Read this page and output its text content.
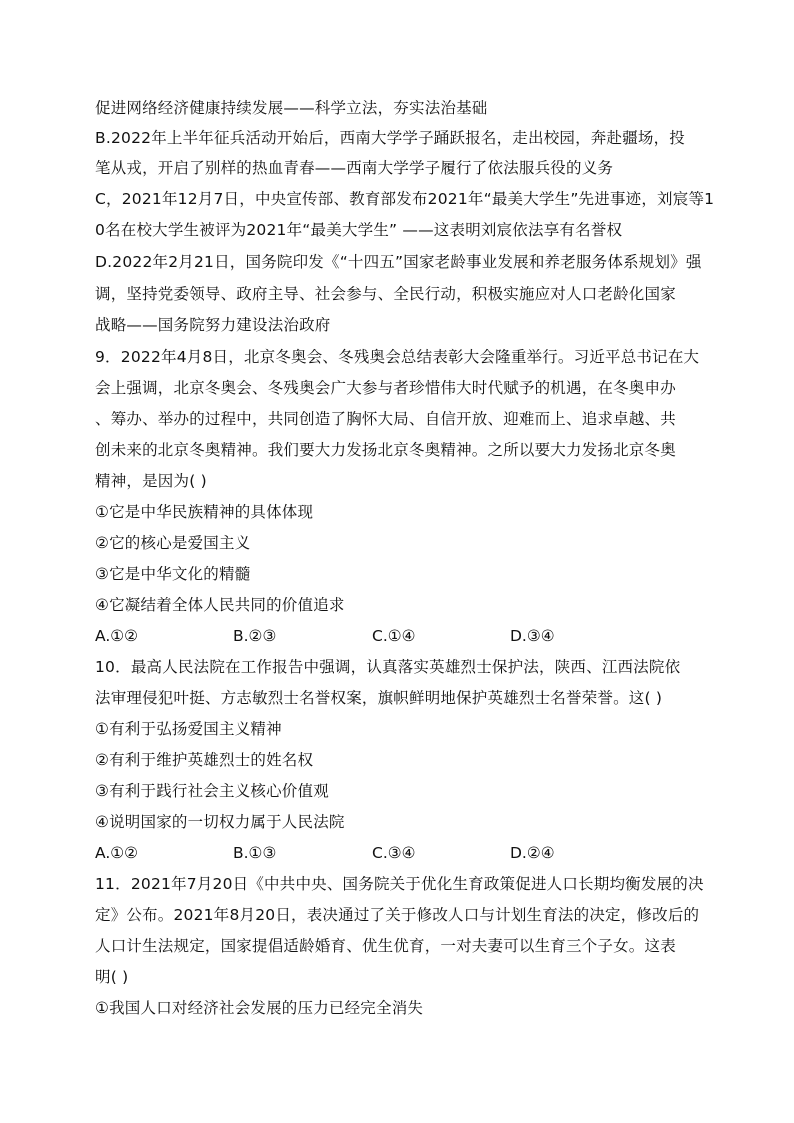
促进网络经济健康持续发展——科学立法，夯实法治基础
B.2022年上半年征兵活动开始后，西南大学学子踊跃报名，走出校园，奔赴疆场，投
笔从戎，开启了别样的热血青春——西南大学学子履行了依法服兵役的义务
C，2021年12月7日，中央宣传部、教育部发布2021年“最美大学生”先进事迹，刘宸等1
0名在校大学生被评为2021年“最美大学生” ——这表明刘宸依法享有名誉权
D.2022年2月21日，国务院印发《“十四五”国家老龄事业发展和养老服务体系规划》强
调，坚持党委领导、政府主导、社会参与、全民行动，积极实施应对人口老龄化国家
战略——国务院努力建设法治政府
9．2022年4月8日，北京冬奥会、冬残奥会总结表彰大会隆重举行。习近平总书记在大
会上强调，北京冬奥会、冬残奥会广大参与者珍惜伟大时代赋予的机遇，在冬奥申办
、筹办、举办的过程中，共同创造了胸怀大局、自信开放、迎难而上、追求卓越、共
创未来的北京冬奥精神。我们要大力发扬北京冬奥精神。之所以要大力发扬北京冬奥
精神，是因为( )
①它是中华民族精神的具体体现
②它的核心是爱国主义
③它是中华文化的精髓
④它凝结着全体人民共同的价值追求
A.①②	B.②③	C.①④	D.③④
10．最高人民法院在工作报告中强调，认真落实英雄烈士保护法，陕西、江西法院依
法审理侵犯叶挺、方志敏烈士名誉权案，旗帜鲜明地保护英雄烈士名誉荣誉。这( )
①有利于弘扬爱国主义精神
②有利于维护英雄烈士的姓名权
③有利于践行社会主义核心价值观
④说明国家的一切权力属于人民法院
A.①②	B.①③	C.③④	D.②④
11．2021年7月20日《中共中央、国务院关于优化生育政策促进人口长期均衡发展的决
定》公布。2021年8月20日，表决通过了关于修改人口与计划生育法的决定，修改后的
人口计生法规定，国家提倡适龄婚育、优生优育，一对夫妻可以生育三个子女。这表
明( )
①我国人口对经济社会发展的压力已经完全消失
